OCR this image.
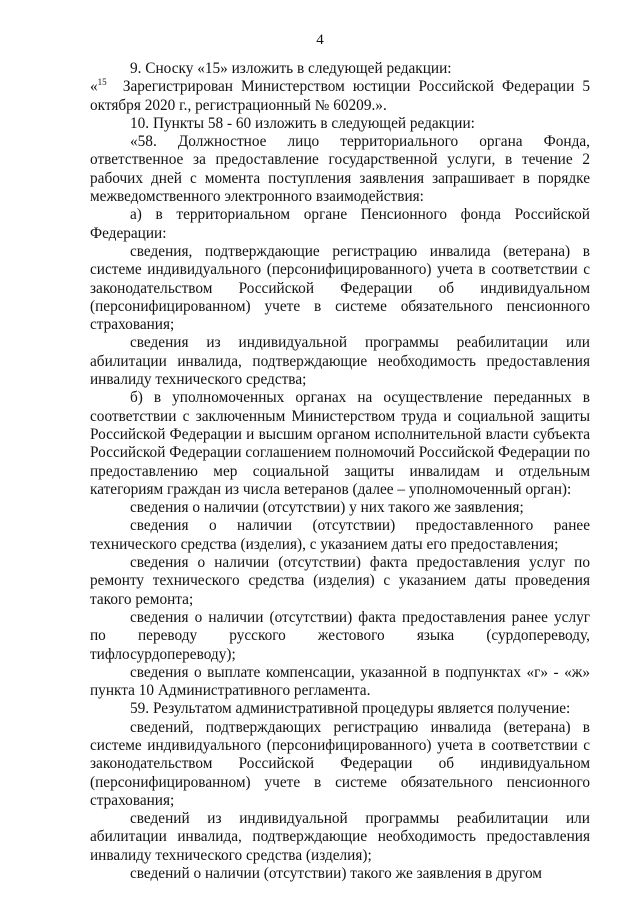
4

9. Сноску «15» изложить в следующей редакции:

«$^{15}$ Зарегистрирован Министерством юстиции Российской Федерации 5 октября 2020 г., регистрационный № 60209.».

10. Пункты 58 - 60 изложить в следующей редакции:

«58. Должностное лицо территориального органа Фонда, ответственное за предоставление государственной услуги, в течение 2 рабочих дней с момента поступления заявления запрашивает в порядке межведомственного электронного взаимодействия:

а) в территориальном органе Пенсионного фонда Российской Федерации:

сведения, подтверждающие регистрацию инвалида (ветерана) в системе индивидуального (персонифицированного) учета в соответствии с законодательством Российской Федерации об индивидуальном (персонифицированном) учете в системе обязательного пенсионного страхования;

сведения из индивидуальной программы реабилитации или абилитации инвалида, подтверждающие необходимость предоставления инвалиду технического средства;

б) в уполномоченных органах на осуществление переданных в соответствии с заключенным Министерством труда и социальной защиты Российской Федерации и высшим органом исполнительной власти субъекта Российской Федерации соглашением полномочий Российской Федерации по предоставлению мер социальной защиты инвалидам и отдельным категориям граждан из числа ветеранов (далее – уполномоченный орган):

сведения о наличии (отсутствии) у них такого же заявления;

сведения о наличии (отсутствии) предоставленного ранее технического средства (изделия), с указанием даты его предоставления;

сведения о наличии (отсутствии) факта предоставления услуг по ремонту технического средства (изделия) с указанием даты проведения такого ремонта;

сведения о наличии (отсутствии) факта предоставления ранее услуг по переводу русского жестового языка (сурдопереводу, тифлосурдопереводу);

сведения о выплате компенсации, указанной в подпунктах «г» - «ж» пункта 10 Административного регламента.

59. Результатом административной процедуры является получение:

сведений, подтверждающих регистрацию инвалида (ветерана) в системе индивидуального (персонифицированного) учета в соответствии с законодательством Российской Федерации об индивидуальном (персонифицированном) учете в системе обязательного пенсионного страхования;

сведений из индивидуальной программы реабилитации или абилитации инвалида, подтверждающие необходимость предоставления инвалиду технического средства (изделия);

сведений о наличии (отсутствии) такого же заявления в другом
